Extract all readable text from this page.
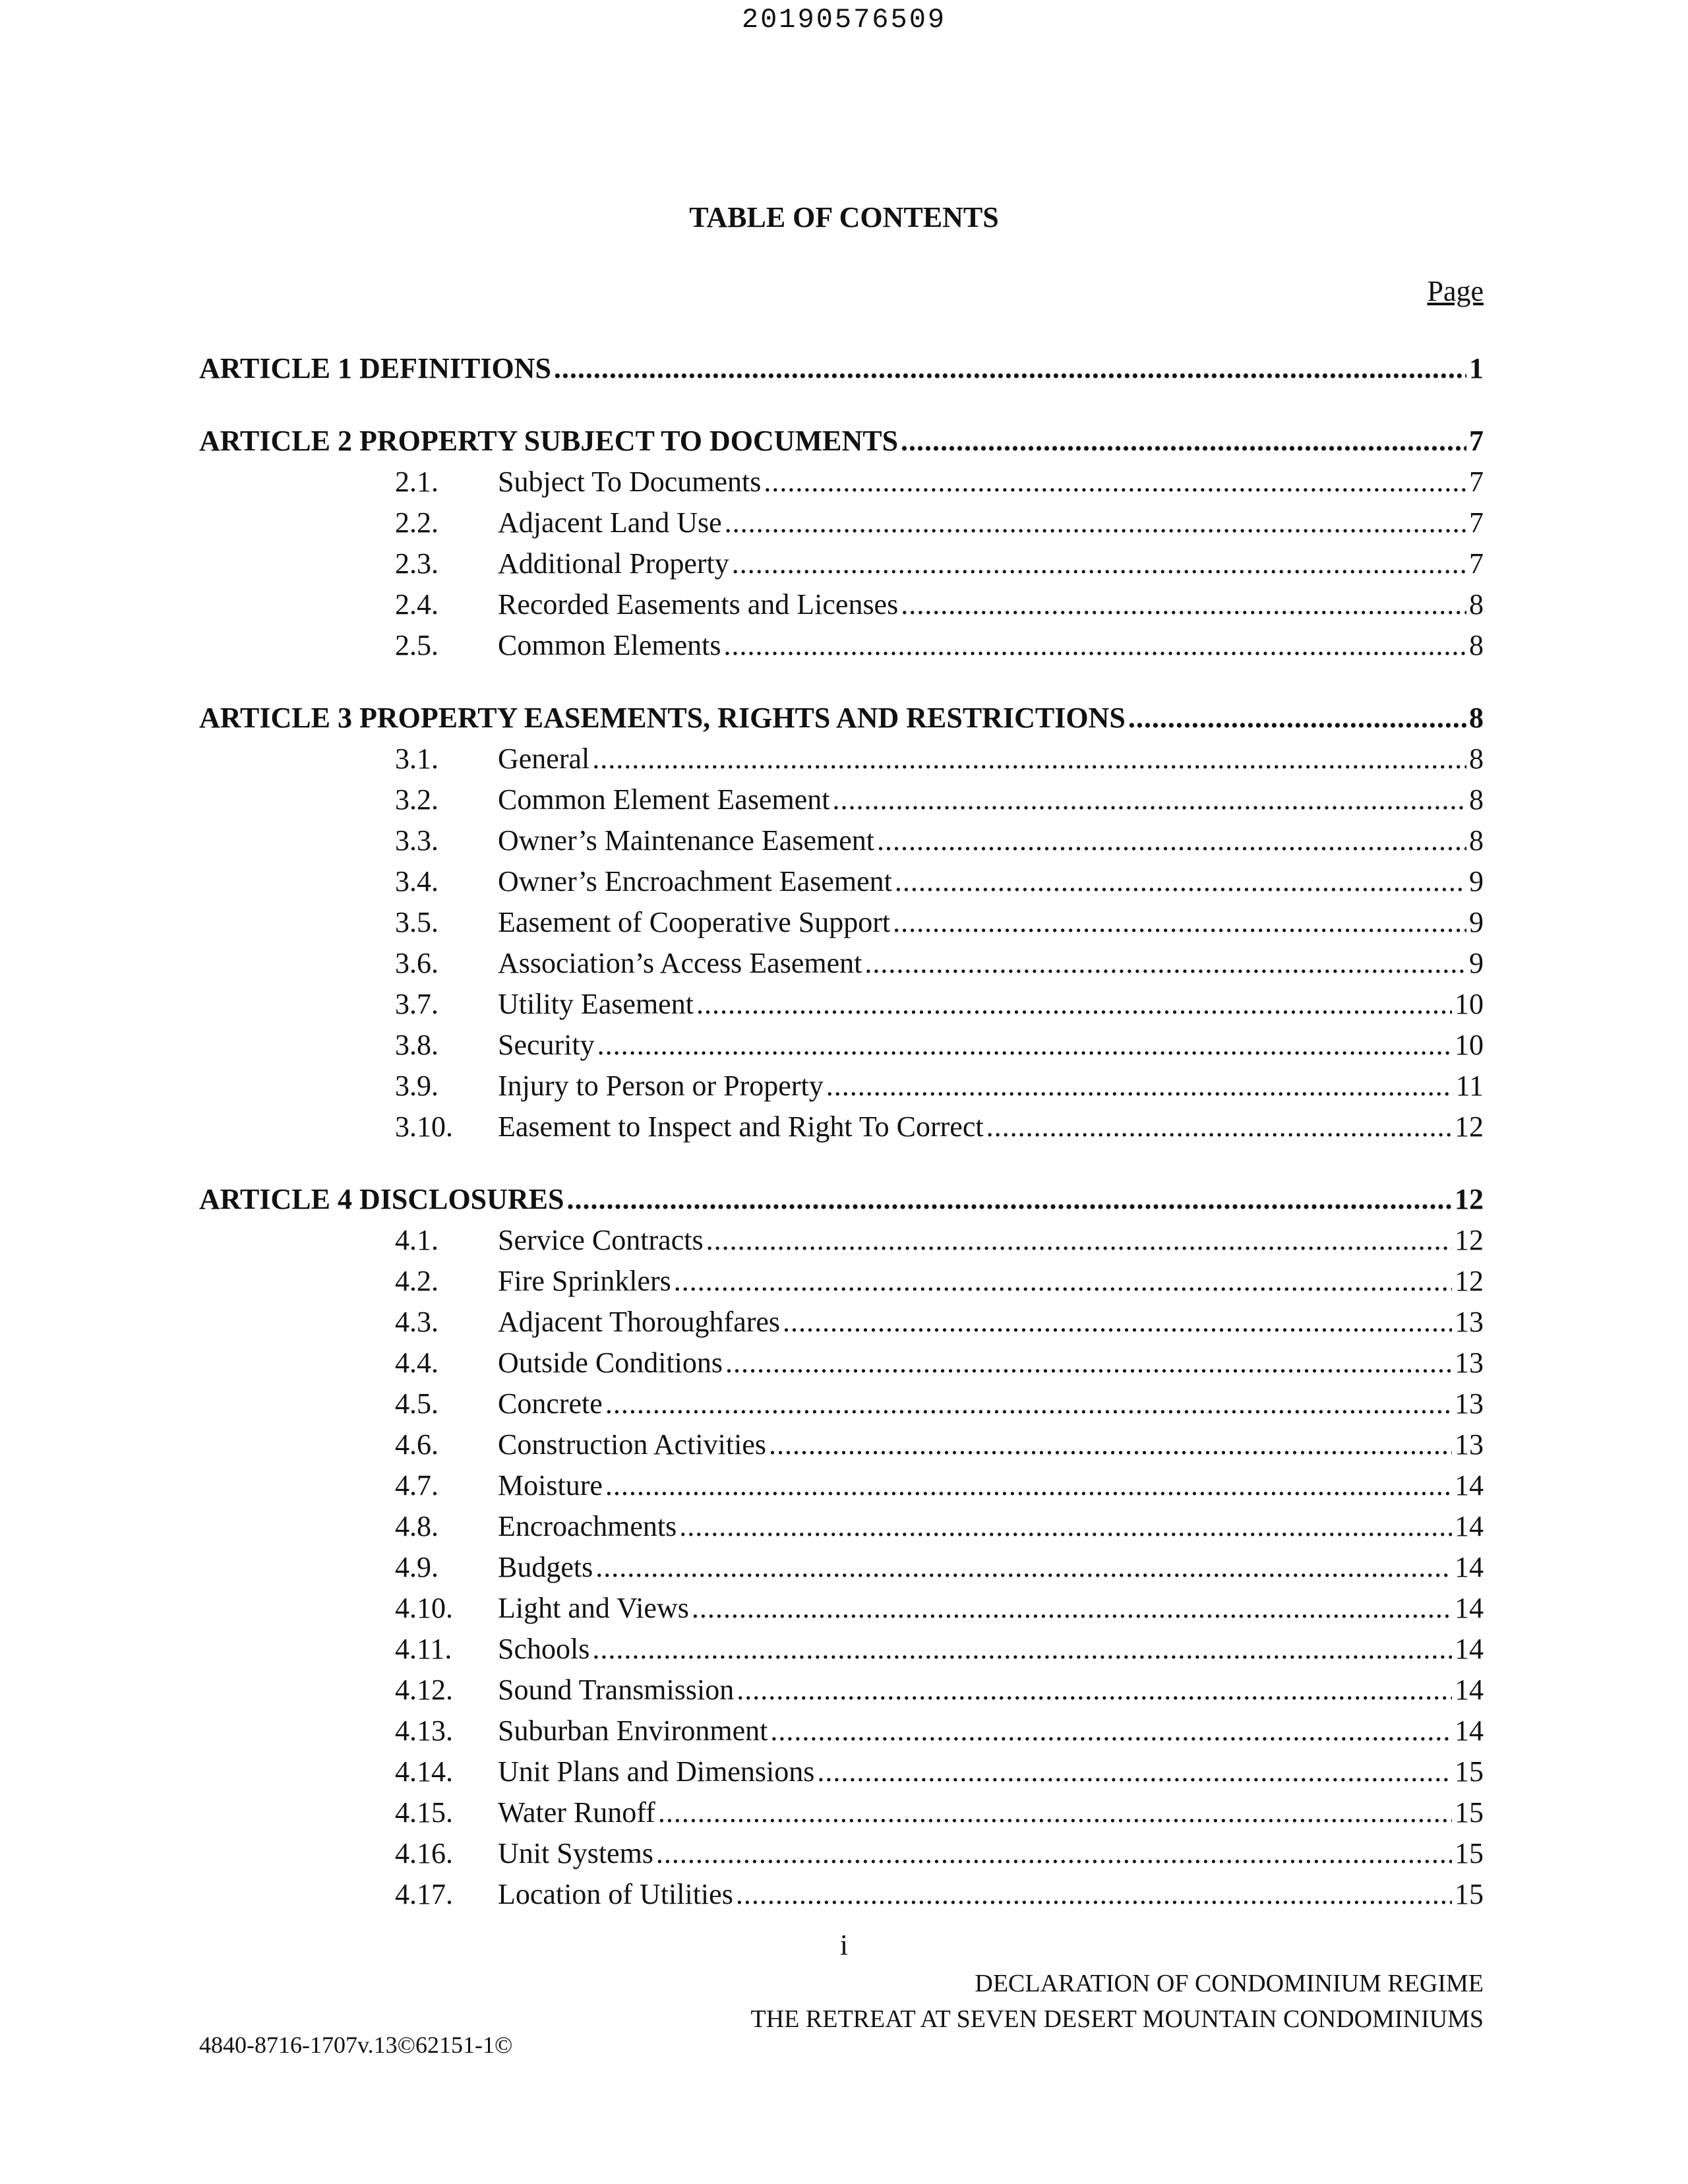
20190576509
TABLE OF CONTENTS
Page
ARTICLE 1 DEFINITIONS .....	1
ARTICLE 2 PROPERTY SUBJECT TO DOCUMENTS .....	7
2.1.	Subject To Documents .....	7
2.2.	Adjacent Land Use .....	7
2.3.	Additional Property .....	7
2.4.	Recorded Easements and Licenses .....	8
2.5.	Common Elements .....	8
ARTICLE 3 PROPERTY EASEMENTS, RIGHTS AND RESTRICTIONS .....	8
3.1.	General .....	8
3.2.	Common Element Easement .....	8
3.3.	Owner’s Maintenance Easement .....	8
3.4.	Owner’s Encroachment Easement .....	9
3.5.	Easement of Cooperative Support .....	9
3.6.	Association’s Access Easement .....	9
3.7.	Utility Easement .....	10
3.8.	Security .....	10
3.9.	Injury to Person or Property .....	11
3.10.	Easement to Inspect and Right To Correct .....	12
ARTICLE 4 DISCLOSURES .....	12
4.1.	Service Contracts .....	12
4.2.	Fire Sprinklers .....	12
4.3.	Adjacent Thoroughfares .....	13
4.4.	Outside Conditions .....	13
4.5.	Concrete .....	13
4.6.	Construction Activities .....	13
4.7.	Moisture .....	14
4.8.	Encroachments .....	14
4.9.	Budgets .....	14
4.10.	Light and Views .....	14
4.11.	Schools .....	14
4.12.	Sound Transmission .....	14
4.13.	Suburban Environment .....	14
4.14.	Unit Plans and Dimensions .....	15
4.15.	Water Runoff .....	15
4.16.	Unit Systems .....	15
4.17.	Location of Utilities .....	15
i
DECLARATION OF CONDOMINIUM REGIME
THE RETREAT AT SEVEN DESERT MOUNTAIN CONDOMINIUMS
4840-8716-1707v.13©62151-1©
